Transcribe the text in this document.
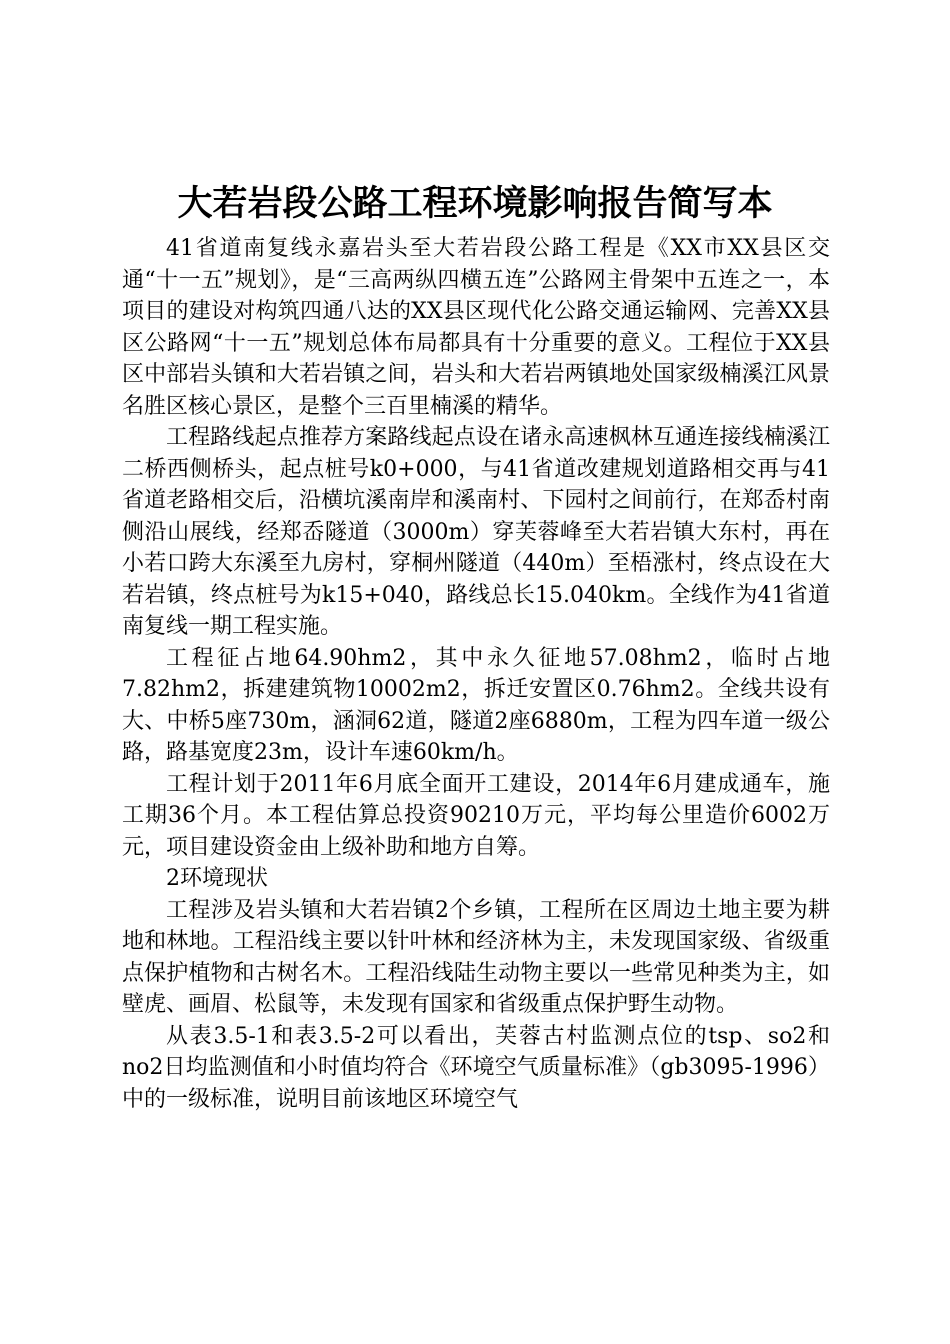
大若岩段公路工程环境影响报告简写本

41省道南复线永嘉岩头至大若岩段公路工程是《XX市XX县区交通“十一五”规划》，是“三高两纵四横五连”公路网主骨架中五连之一，本项目的建设对构筑四通八达的XX县区现代化公路交通运输网、完善XX县区公路网“十一五”规划总体布局都具有十分重要的意义。工程位于XX县区中部岩头镇和大若岩镇之间，岩头和大若岩两镇地处国家级楠溪江风景名胜区核心景区，是整个三百里楠溪的精华。

工程路线起点推荐方案路线起点设在诸永高速枫林互通连接线楠溪江二桥西侧桥头，起点桩号k0+000，与41省道改建规划道路相交再与41省道老路相交后，沿横坑溪南岸和溪南村、下园村之间前行，在郑岙村南侧沿山展线，经郑岙隧道（3000m）穿芙蓉峰至大若岩镇大东村，再在小若口跨大东溪至九房村，穿桐州隧道（440m）至梧涨村，终点设在大若岩镇，终点桩号为k15+040，路线总长15.040km。全线作为41省道南复线一期工程实施。

工程征占地64.90hm2，其中永久征地57.08hm2，临时占地7.82hm2，拆建建筑物10002m2，拆迁安置区0.76hm2。全线共设有大、中桥5座730m，涵洞62道，隧道2座6880m，工程为四车道一级公路，路基宽度23m，设计车速60km/h。

工程计划于2011年6月底全面开工建设，2014年6月建成通车，施工期36个月。本工程估算总投资90210万元，平均每公里造价6002万元，项目建设资金由上级补助和地方自筹。

2环境现状

工程涉及岩头镇和大若岩镇2个乡镇，工程所在区周边土地主要为耕地和林地。工程沿线主要以针叶林和经济林为主，未发现国家级、省级重点保护植物和古树名木。工程沿线陆生动物主要以一些常见种类为主，如壁虎、画眉、松鼠等，未发现有国家和省级重点保护野生动物。

从表3.5-1和表3.5-2可以看出，芙蓉古村监测点位的tsp、so2和no2日均监测值和小时值均符合《环境空气质量标准》（gb3095-1996）中的一级标准，说明目前该地区环境空气
